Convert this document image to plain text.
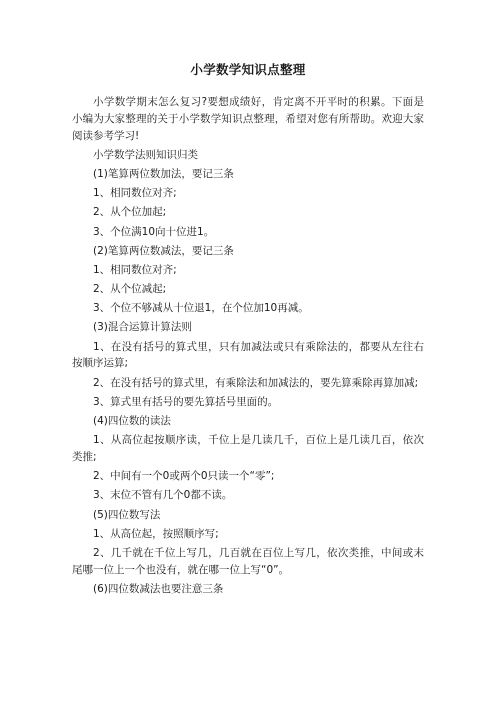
小学数学知识点整理

小学数学期末怎么复习?要想成绩好，肯定离不开平时的积累。下面是小编为大家整理的关于小学数学知识点整理，希望对您有所帮助。欢迎大家阅读参考学习!

小学数学法则知识归类

(1)笔算两位数加法，要记三条

1、相同数位对齐;

2、从个位加起;

3、个位满10向十位进1。

(2)笔算两位数减法，要记三条

1、相同数位对齐;

2、从个位减起;

3、个位不够减从十位退1，在个位加10再减。

(3)混合运算计算法则

1、在没有括号的算式里，只有加减法或只有乘除法的，都要从左往右按顺序运算;

2、在没有括号的算式里，有乘除法和加减法的，要先算乘除再算加减;

3、算式里有括号的要先算括号里面的。

(4)四位数的读法

1、从高位起按顺序读，千位上是几读几千，百位上是几读几百，依次类推;

2、中间有一个0或两个0只读一个“零”;

3、末位不管有几个0都不读。

(5)四位数写法

1、从高位起，按照顺序写;

2、几千就在千位上写几，几百就在百位上写几，依次类推，中间或末尾哪一位上一个也没有，就在哪一位上写“0”。

(6)四位数减法也要注意三条
